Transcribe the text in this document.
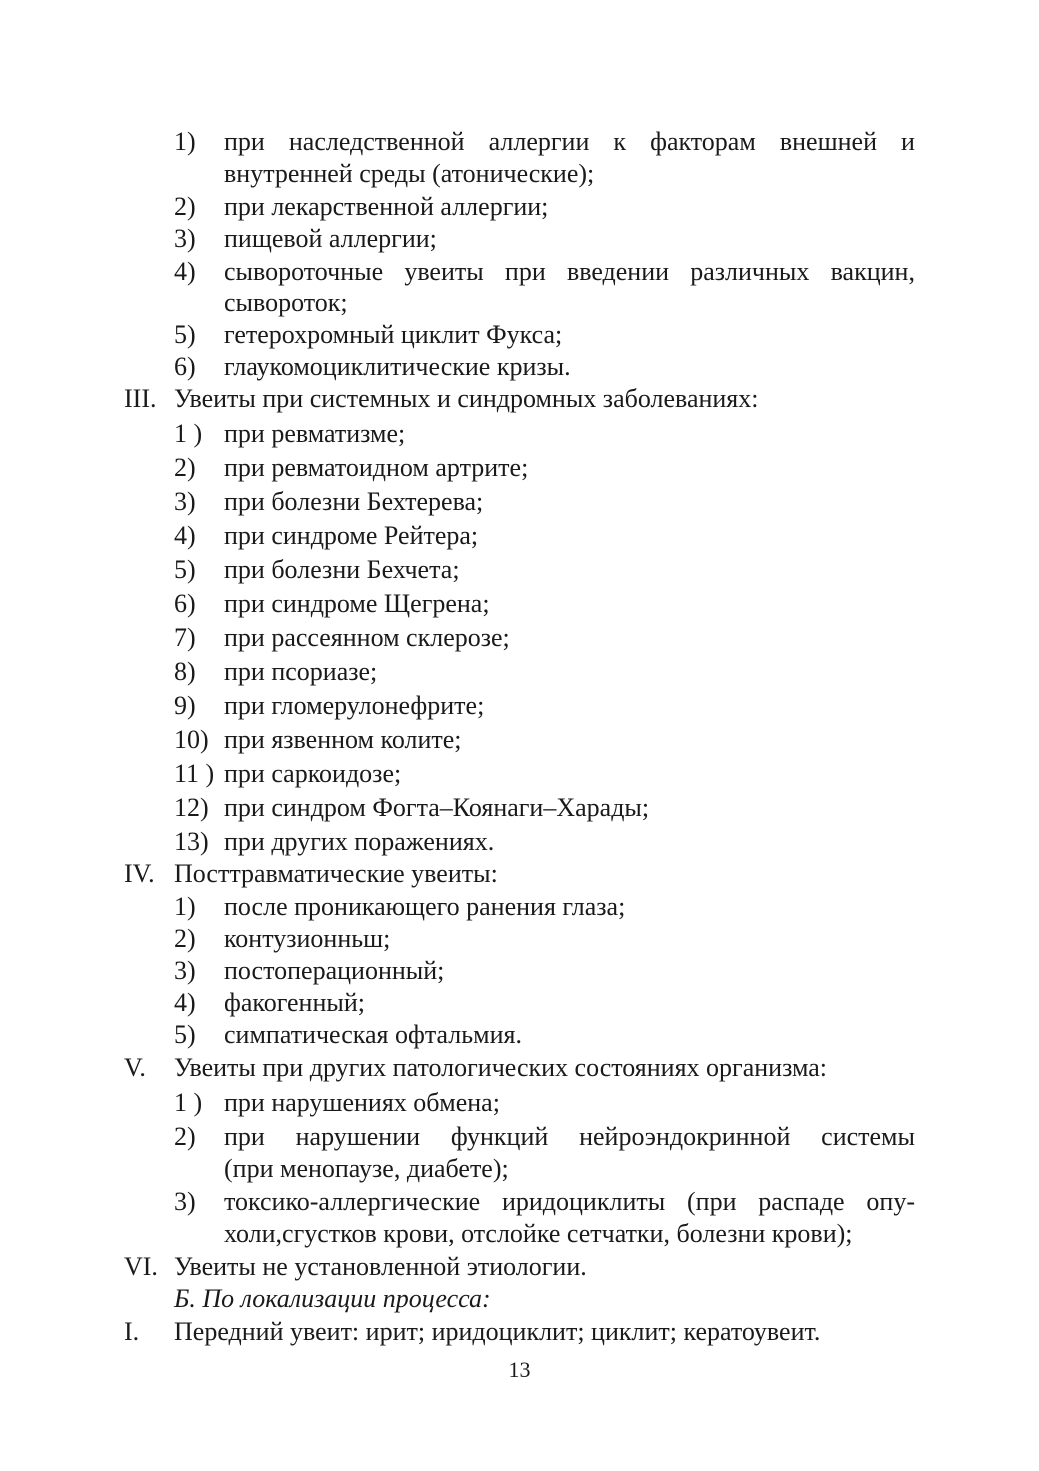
1) при наследственной аллергии к факторам внешней и
внутренней среды (атонические);
2) при лекарственной аллергии;
3) пищевой аллергии;
4) сывороточные увеиты при введении различных вакцин,
сывороток;
5) гетерохромный циклит Фукса;
6) глаукомоциклитические кризы.
III. Увеиты при системных и синдромных заболеваниях:
1 ) при ревматизме;
2) при ревматоидном артрите;
3) при болезни Бехтерева;
4) при синдроме Рейтера;
5) при болезни Бехчета;
6) при синдроме Щегрена;
7) при рассеянном склерозе;
8) при псориазе;
9) при гломерулонефрите;
10) при язвенном колите;
11 ) при саркоидозе;
12) при синдром Фогта–Коянаги–Харады;
13) при других поражениях.
IV. Посттравматические увеиты:
1) после проникающего ранения глаза;
2) контузионньш;
3) постоперационный;
4) факогенный;
5) симпатическая офтальмия.
V. Увеиты при других патологических состояниях организма:
1 ) при нарушениях обмена;
2) при нарушении функций нейроэндокринной системы
(при менопаузе, диабете);
3) токсико-аллергические иридоциклиты (при распаде опу-
холи,сгустков крови, отслойке сетчатки, болезни крови);
VI. Увеиты не установленной этиологии.
Б. По локализации процесса:
I. Передний увеит: ирит; иридоциклит; циклит; кератоувеит.
13
